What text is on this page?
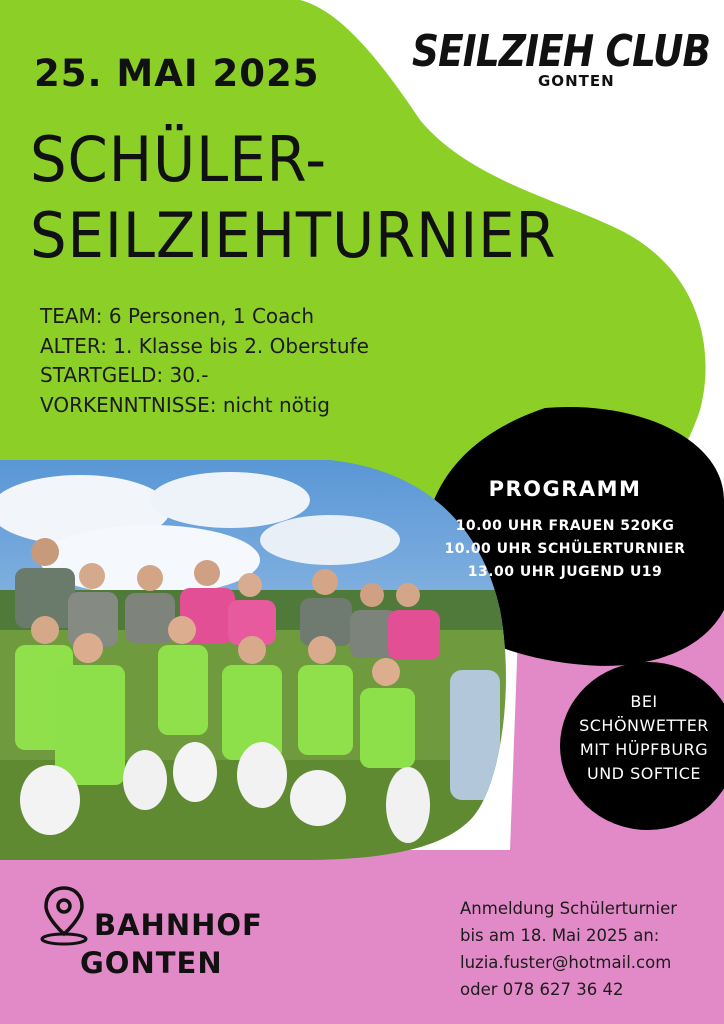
25. MAI 2025
SCHÜLER-
SEILZIEHTURNIER
SEILZIEH CLUB
GONTEN
TEAM: 6 Personen, 1 Coach
ALTER: 1. Klasse bis 2. Oberstufe
STARTGELD: 30.-
VORKENNTNISSE: nicht nötig
PROGRAMM
10.00 UHR FRAUEN 520KG
10.00 UHR SCHÜLERTURNIER
13.00 UHR JUGEND U19
BEI
SCHÖNWETTER
MIT HÜPFBURG
UND SOFTICE
BAHNHOF
GONTEN
Anmeldung Schülerturnier
bis am 18. Mai 2025 an:
luzia.fuster@hotmail.com
oder 078 627 36 42
